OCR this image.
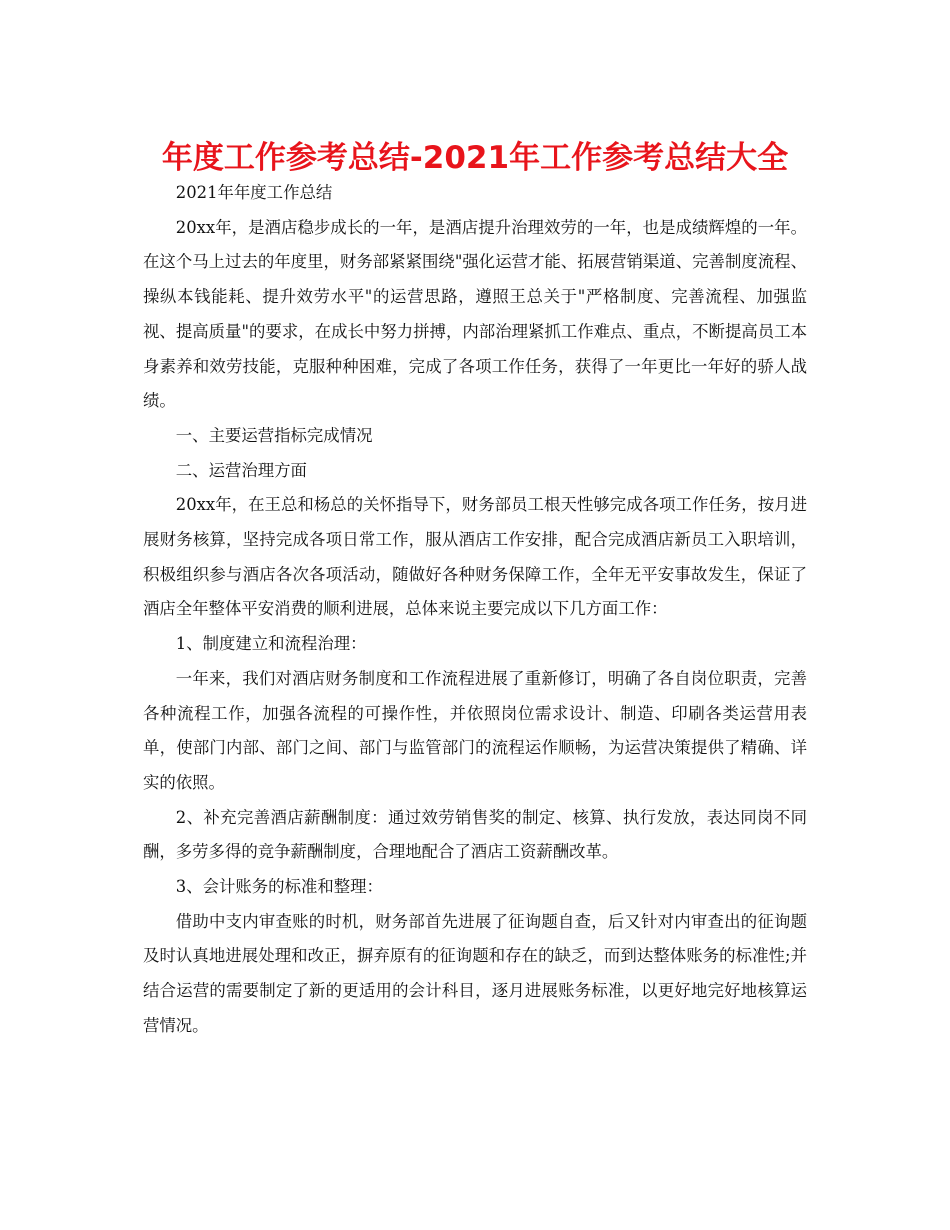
年度工作参考总结-2021年工作参考总结大全

2021年年度工作总结

20xx年，是酒店稳步成长的一年，是酒店提升治理效劳的一年，也是成绩辉煌的一年。在这个马上过去的年度里，财务部紧紧围绕"强化运营才能、拓展营销渠道、完善制度流程、操纵本钱能耗、提升效劳水平"的运营思路，遵照王总关于"严格制度、完善流程、加强监视、提高质量"的要求，在成长中努力拼搏，内部治理紧抓工作难点、重点，不断提高员工本身素养和效劳技能，克服种种困难，完成了各项工作任务，获得了一年更比一年好的骄人战绩。

一、主要运营指标完成情况

二、运营治理方面

20xx年，在王总和杨总的关怀指导下，财务部员工根天性够完成各项工作任务，按月进展财务核算，坚持完成各项日常工作，服从酒店工作安排，配合完成酒店新员工入职培训，积极组织参与酒店各次各项活动，随做好各种财务保障工作，全年无平安事故发生，保证了酒店全年整体平安消费的顺利进展，总体来说主要完成以下几方面工作：

1、制度建立和流程治理：

一年来，我们对酒店财务制度和工作流程进展了重新修订，明确了各自岗位职责，完善各种流程工作，加强各流程的可操作性，并依照岗位需求设计、制造、印刷各类运营用表单，使部门内部、部门之间、部门与监管部门的流程运作顺畅，为运营决策提供了精确、详实的依照。

2、补充完善酒店薪酬制度：通过效劳销售奖的制定、核算、执行发放，表达同岗不同酬，多劳多得的竞争薪酬制度，合理地配合了酒店工资薪酬改革。

3、会计账务的标准和整理：

借助中支内审查账的时机，财务部首先进展了征询题自查，后又针对内审查出的征询题及时认真地进展处理和改正，摒弃原有的征询题和存在的缺乏，而到达整体账务的标准性;并结合运营的需要制定了新的更适用的会计科目，逐月进展账务标准，以更好地完好地核算运营情况。
